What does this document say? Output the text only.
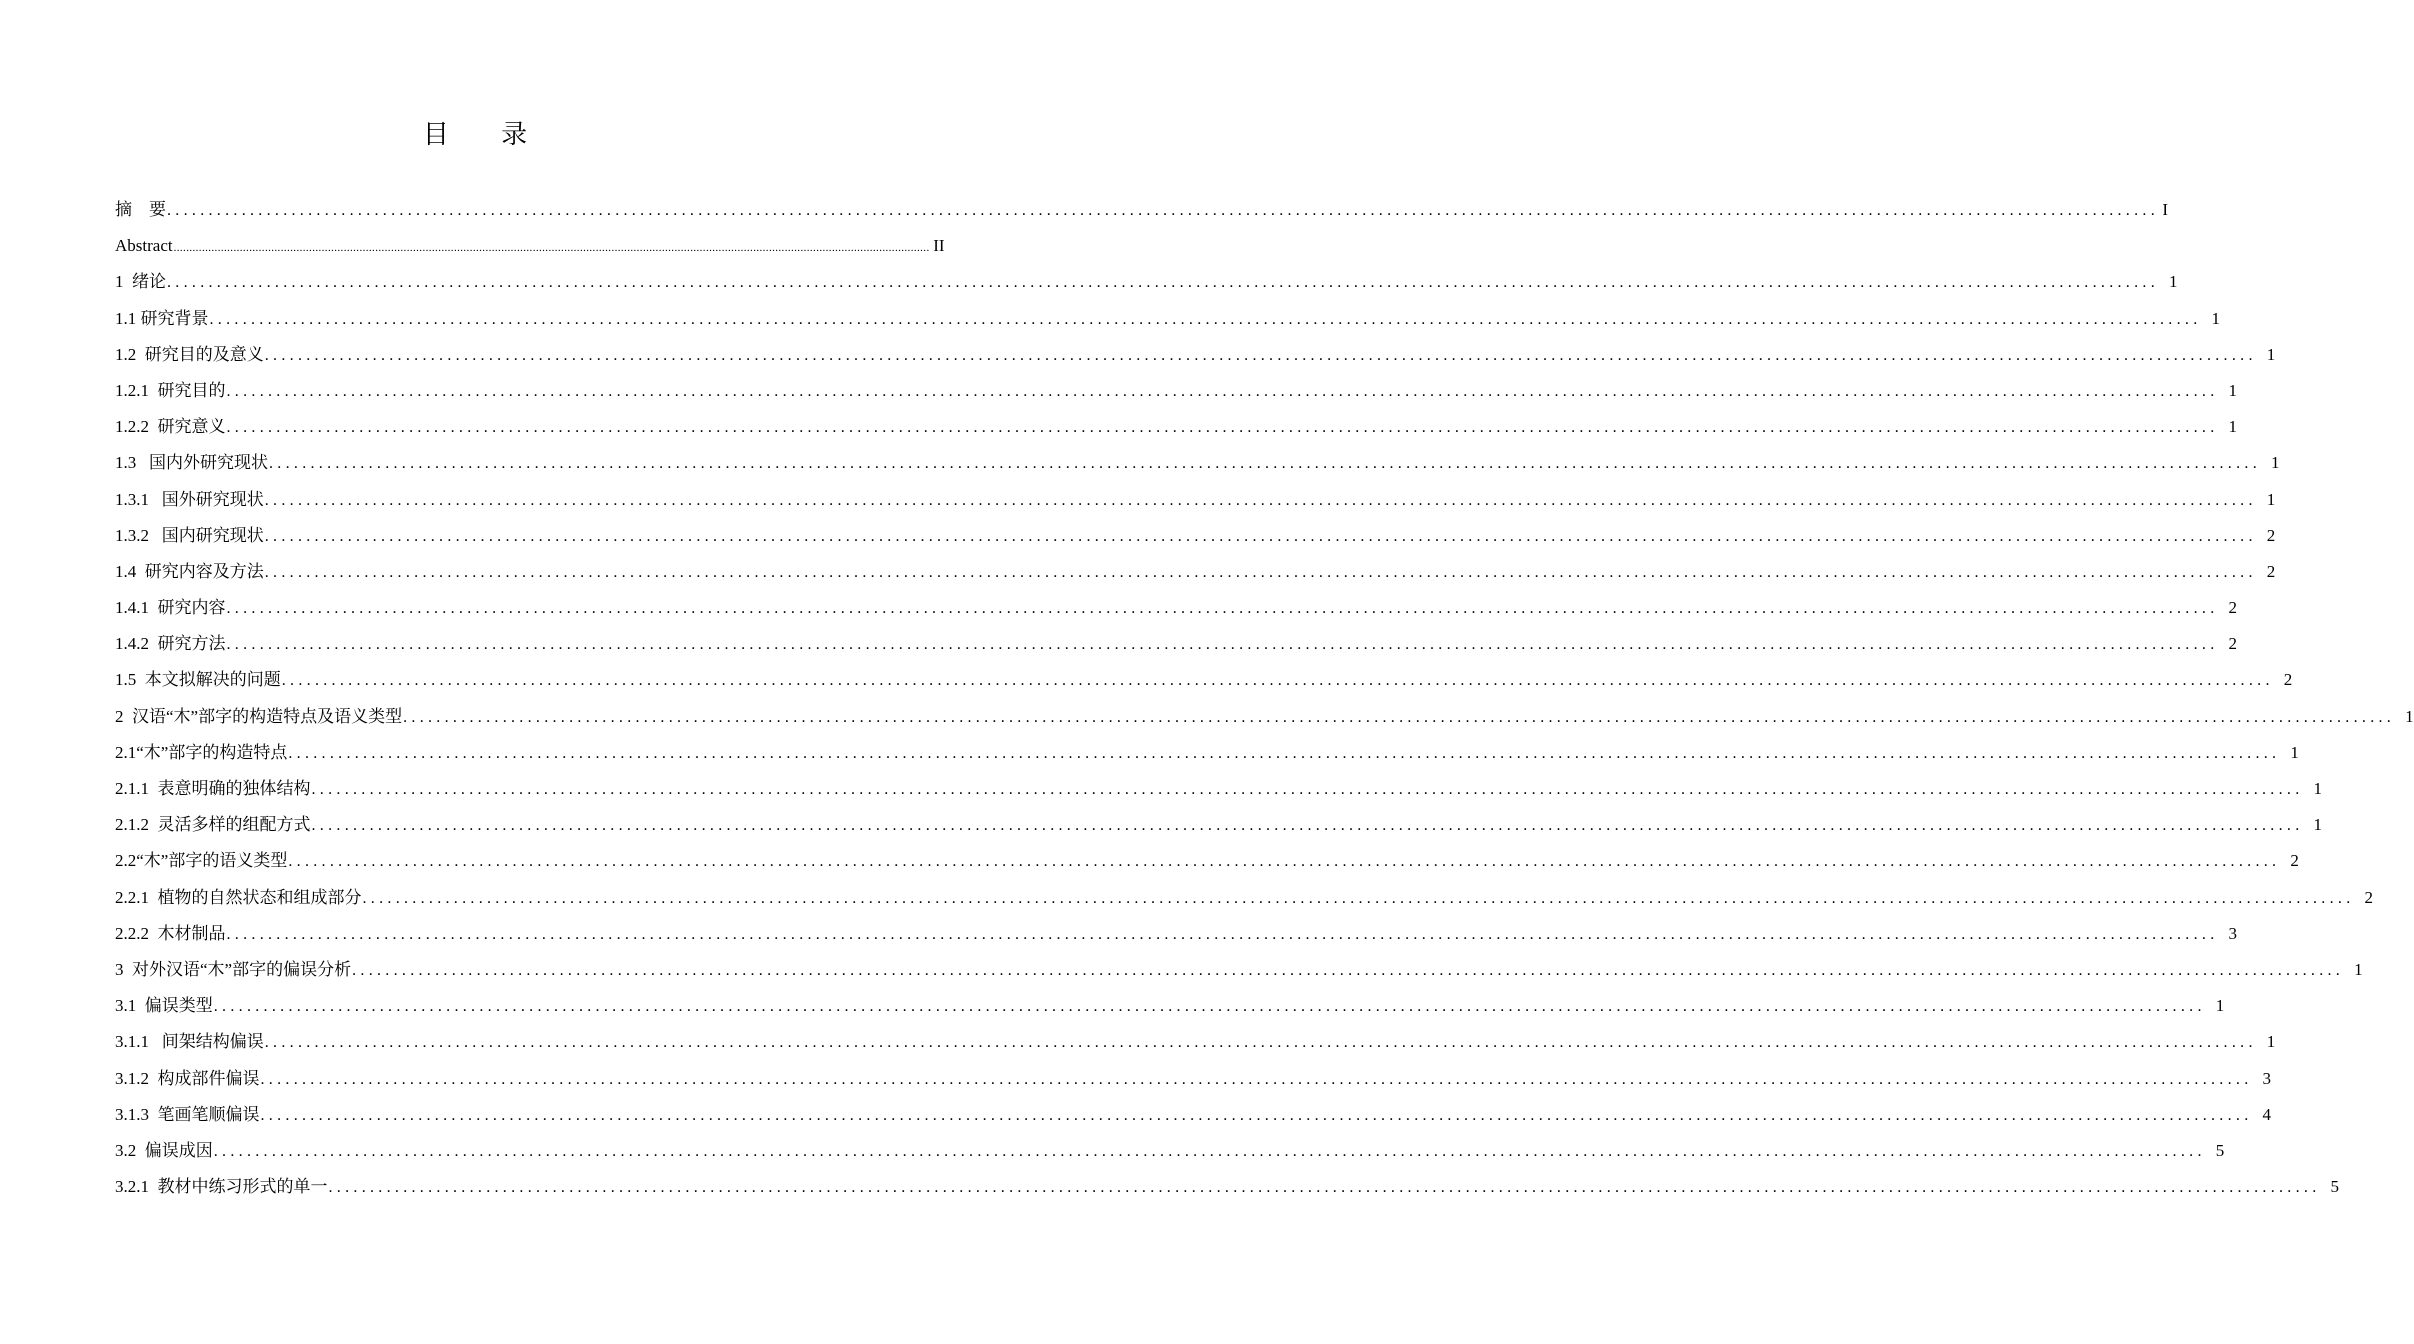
目 录
摘    要 ................................................................................................................................................................................................................................................ I
Abstract ................................................................................................................................................................................................................................................ II
1  绪论 ................................................................................................................................................................................................................................................ 1
1.1 研究背景 ................................................................................................................................................................................................................................................ 1
1.2  研究目的及意义 ................................................................................................................................................................................................................................................ 1
1.2.1  研究目的 ................................................................................................................................................................................................................................................ 1
1.2.2  研究意义 ................................................................................................................................................................................................................................................ 1
1.3   国内外研究现状 ................................................................................................................................................................................................................................................ 1
1.3.1   国外研究现状 ................................................................................................................................................................................................................................................ 1
1.3.2   国内研究现状 ................................................................................................................................................................................................................................................ 2
1.4  研究内容及方法 ................................................................................................................................................................................................................................................ 2
1.4.1  研究内容 ................................................................................................................................................................................................................................................ 2
1.4.2  研究方法 ................................................................................................................................................................................................................................................ 2
1.5  本文拟解决的问题 ................................................................................................................................................................................................................................................ 2
2  汉语“木”部字的构造特点及语义类型 ................................................................................................................................................................................................................................................ 1
2.1“木”部字的构造特点 ................................................................................................................................................................................................................................................ 1
2.1.1  表意明确的独体结构 ................................................................................................................................................................................................................................................ 1
2.1.2  灵活多样的组配方式 ................................................................................................................................................................................................................................................ 1
2.2“木”部字的语义类型 ................................................................................................................................................................................................................................................ 2
2.2.1  植物的自然状态和组成部分 ................................................................................................................................................................................................................................................ 2
2.2.2  木材制品 ................................................................................................................................................................................................................................................ 3
3  对外汉语“木”部字的偏误分析 ................................................................................................................................................................................................................................................ 1
3.1  偏误类型 ................................................................................................................................................................................................................................................ 1
3.1.1   间架结构偏误 ................................................................................................................................................................................................................................................ 1
3.1.2  构成部件偏误 ................................................................................................................................................................................................................................................ 3
3.1.3  笔画笔顺偏误 ................................................................................................................................................................................................................................................ 4
3.2  偏误成因 ................................................................................................................................................................................................................................................ 5
3.2.1  教材中练习形式的单一 ................................................................................................................................................................................................................................................ 5
